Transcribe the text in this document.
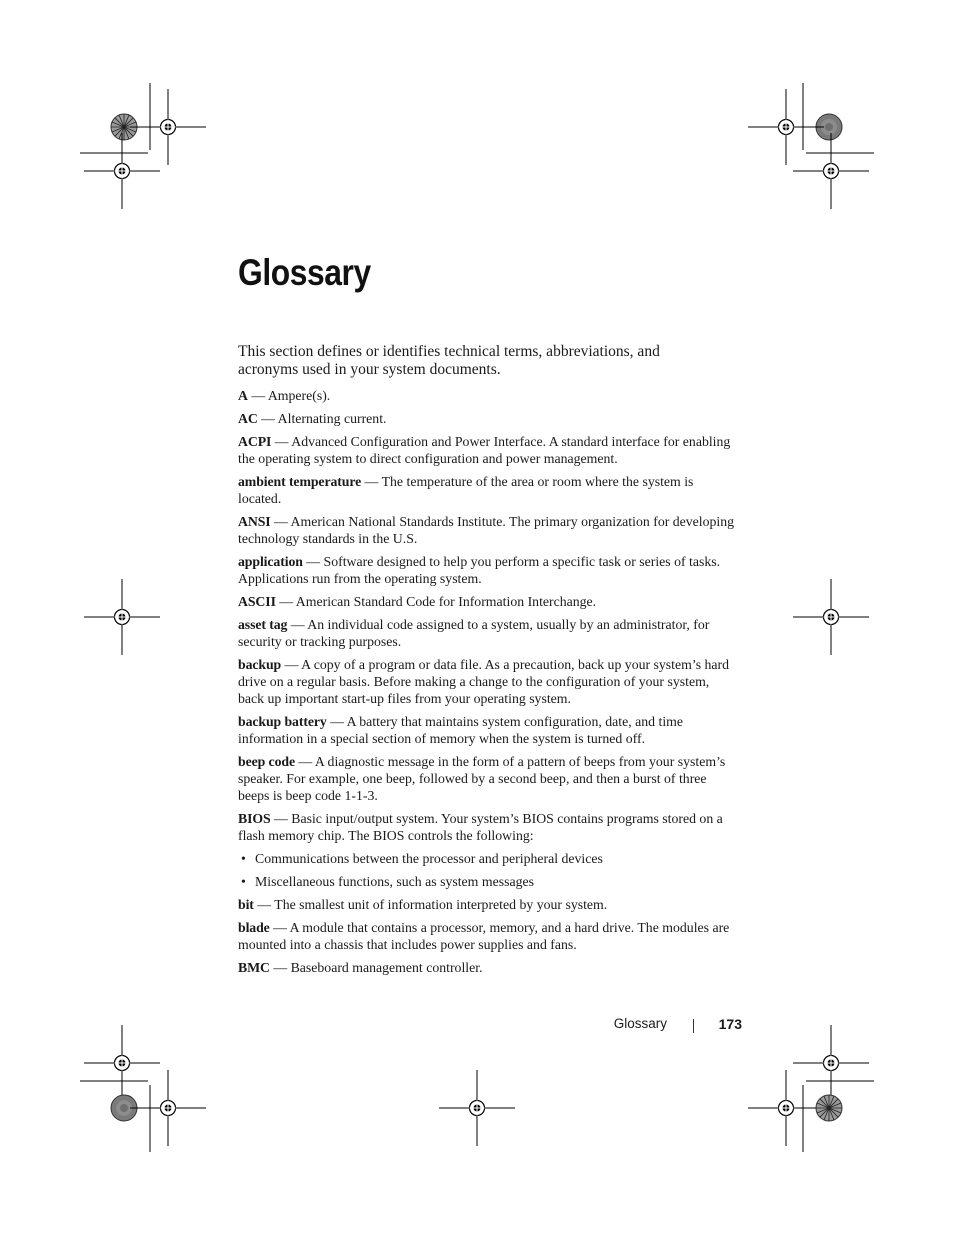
Glossary

This section defines or identifies technical terms, abbreviations, and acronyms used in your system documents.

A — Ampere(s).

AC — Alternating current.

ACPI — Advanced Configuration and Power Interface. A standard interface for enabling the operating system to direct configuration and power management.

ambient temperature — The temperature of the area or room where the system is located.

ANSI — American National Standards Institute. The primary organization for developing technology standards in the U.S.

application — Software designed to help you perform a specific task or series of tasks. Applications run from the operating system.

ASCII — American Standard Code for Information Interchange.

asset tag — An individual code assigned to a system, usually by an administrator, for security or tracking purposes.

backup — A copy of a program or data file. As a precaution, back up your system’s hard drive on a regular basis. Before making a change to the configuration of your system, back up important start-up files from your operating system.

backup battery — A battery that maintains system configuration, date, and time information in a special section of memory when the system is turned off.

beep code — A diagnostic message in the form of a pattern of beeps from your system’s speaker. For example, one beep, followed by a second beep, and then a burst of three beeps is beep code 1-1-3.

BIOS — Basic input/output system. Your system’s BIOS contains programs stored on a flash memory chip. The BIOS controls the following:

• Communications between the processor and peripheral devices
• Miscellaneous functions, such as system messages

bit — The smallest unit of information interpreted by your system.

blade — A module that contains a processor, memory, and a hard drive. The modules are mounted into a chassis that includes power supplies and fans.

BMC — Baseboard management controller.

Glossary	173
